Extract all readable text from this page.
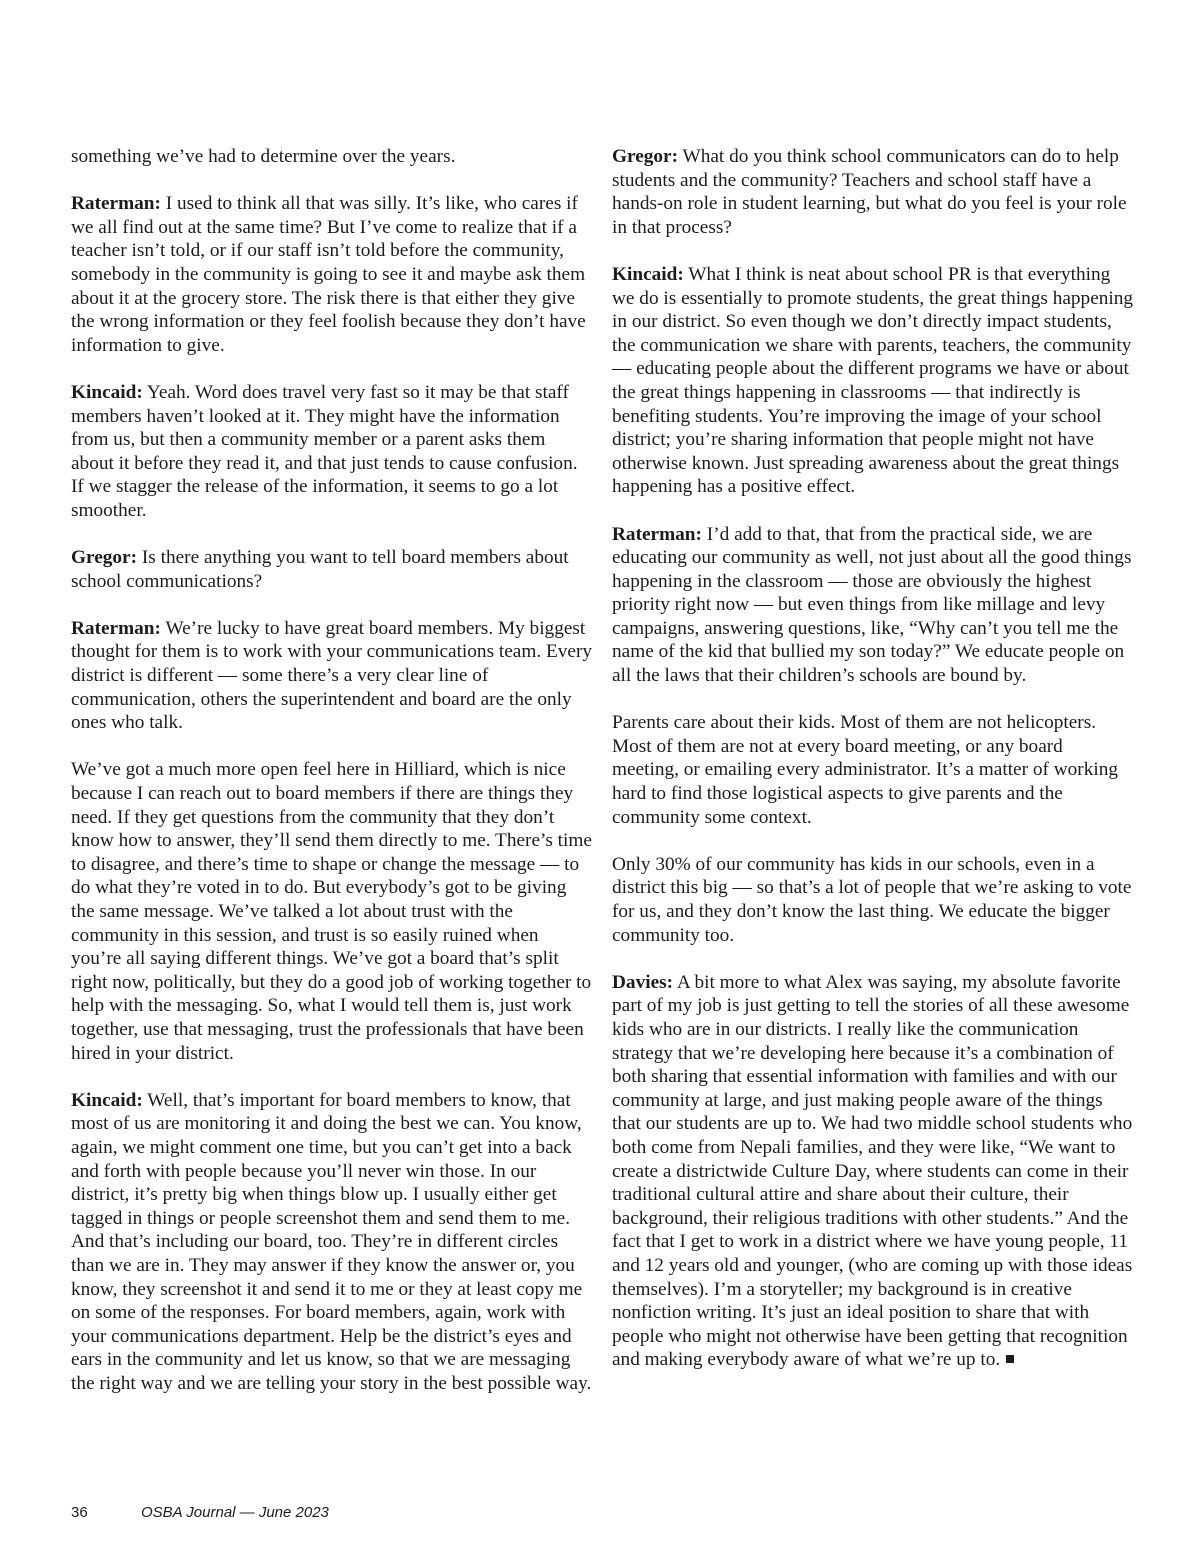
something we’ve had to determine over the years.

Raterman: I used to think all that was silly. It’s like, who cares if we all find out at the same time? But I’ve come to realize that if a teacher isn’t told, or if our staff isn’t told before the community, somebody in the community is going to see it and maybe ask them about it at the grocery store. The risk there is that either they give the wrong information or they feel foolish because they don’t have information to give.

Kincaid: Yeah. Word does travel very fast so it may be that staff members haven’t looked at it. They might have the information from us, but then a community member or a parent asks them about it before they read it, and that just tends to cause confusion. If we stagger the release of the information, it seems to go a lot smoother.

Gregor: Is there anything you want to tell board members about school communications?

Raterman: We’re lucky to have great board members. My biggest thought for them is to work with your communications team. Every district is different — some there’s a very clear line of communication, others the superintendent and board are the only ones who talk.

We’ve got a much more open feel here in Hilliard, which is nice because I can reach out to board members if there are things they need. If they get questions from the community that they don’t know how to answer, they’ll send them directly to me. There’s time to disagree, and there’s time to shape or change the message — to do what they’re voted in to do. But everybody’s got to be giving the same message. We’ve talked a lot about trust with the community in this session, and trust is so easily ruined when you’re all saying different things. We’ve got a board that’s split right now, politically, but they do a good job of working together to help with the messaging. So, what I would tell them is, just work together, use that messaging, trust the professionals that have been hired in your district.

Kincaid: Well, that’s important for board members to know, that most of us are monitoring it and doing the best we can. You know, again, we might comment one time, but you can’t get into a back and forth with people because you’ll never win those. In our district, it’s pretty big when things blow up. I usually either get tagged in things or people screenshot them and send them to me. And that’s including our board, too. They’re in different circles than we are in. They may answer if they know the answer or, you know, they screenshot it and send it to me or they at least copy me on some of the responses. For board members, again, work with your communications department. Help be the district’s eyes and ears in the community and let us know, so that we are messaging the right way and we are telling your story in the best possible way.

Gregor: What do you think school communicators can do to help students and the community? Teachers and school staff have a hands-on role in student learning, but what do you feel is your role in that process?

Kincaid: What I think is neat about school PR is that everything we do is essentially to promote students, the great things happening in our district. So even though we don’t directly impact students, the communication we share with parents, teachers, the community — educating people about the different programs we have or about the great things happening in classrooms — that indirectly is benefiting students. You’re improving the image of your school district; you’re sharing information that people might not have otherwise known. Just spreading awareness about the great things happening has a positive effect.

Raterman: I’d add to that, that from the practical side, we are educating our community as well, not just about all the good things happening in the classroom — those are obviously the highest priority right now — but even things from like millage and levy campaigns, answering questions, like, “Why can’t you tell me the name of the kid that bullied my son today?” We educate people on all the laws that their children’s schools are bound by.

Parents care about their kids. Most of them are not helicopters. Most of them are not at every board meeting, or any board meeting, or emailing every administrator. It’s a matter of working hard to find those logistical aspects to give parents and the community some context.

Only 30% of our community has kids in our schools, even in a district this big — so that’s a lot of people that we’re asking to vote for us, and they don’t know the last thing. We educate the bigger community too.

Davies: A bit more to what Alex was saying, my absolute favorite part of my job is just getting to tell the stories of all these awesome kids who are in our districts. I really like the communication strategy that we’re developing here because it’s a combination of both sharing that essential information with families and with our community at large, and just making people aware of the things that our students are up to. We had two middle school students who both come from Nepali families, and they were like, “We want to create a districtwide Culture Day, where students can come in their traditional cultural attire and share about their culture, their background, their religious traditions with other students.” And the fact that I get to work in a district where we have young people, 11 and 12 years old and younger, (who are coming up with those ideas themselves). I’m a storyteller; my background is in creative nonfiction writing. It’s just an ideal position to share that with people who might not otherwise have been getting that recognition and making everybody aware of what we’re up to.

36	OSBA Journal — June 2023
